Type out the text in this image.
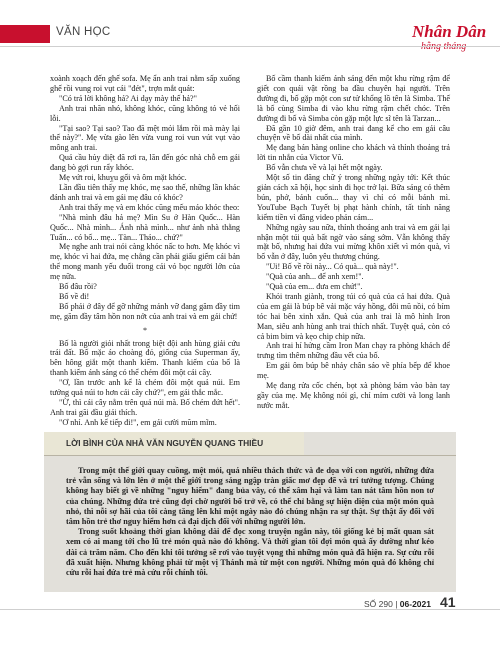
VĂN HỌC	Nhân Dân

xoành xoạch đến ghế sofa. Mẹ ẩn anh trai nằm sấp xuống ghế rồi vung roi vụt cái "đét", trợn mắt quát:

"Có trả lời không hả? Ai dạy mày thế hả?"

Anh trai nhăn nhó, không khóc, cũng không tỏ vẻ hối lỗi.

"Tại sao? Tại sao? Tao đã mệt mỏi lắm rồi mà mày lại thế này?". Mẹ vừa gào lên vừa vung roi vun vút vụt vào mông anh trai.

Quả cầu hủy diệt đã rơi ra, lăn đến góc nhà chỗ em gái đang bò gợi run rẩy khóc.

Mẹ vứt roi, khuỵu gối và ôm mặt khóc.

Lần đầu tiên thấy mẹ khóc, mẹ sao thế, những lần khác đánh anh trai và em gái mẹ đâu có khóc?

Anh trai thấy mẹ và em khóc cũng mếu máo khóc theo:

"Nhà mình đâu hả mẹ? Mìn Su ở Hàn Quốc... Hàn Quốc... Nhà mình... Ánh nhà mình... như ảnh nhà thằng Tuấn... có bố... mẹ... Tàn... Thảo... chứ?"

Mẹ nghe anh trai nói càng khóc nấc to hơn. Mẹ khóc vì mẹ, khóc vì hai đứa, mẹ chẳng cần phải giấu giếm cái bản thể mong manh yếu đuối trong cái vỏ bọc người lớn của mẹ nữa.

Bố đâu rồi?

Bố về đi!

Bố phải ở đây để gỡ những mảnh vỡ đang găm đầy tim mẹ, găm đầy tâm hồn non nớt của anh trai và em gái chứ!

*

Bố là người giỏi nhất trong biệt đội anh hùng giải cứu trái đất. Bố mặc áo choàng đỏ, giống của Superman ấy, bên hông giắt một thanh kiếm. Thanh kiếm của bố là thanh kiếm ánh sáng có thể chém đôi một cái cây.

"Ơ, lần trước anh kể là chém đôi một quả núi. Em tưởng quả núi to hơn cái cây chứ?", em gái thắc mắc.

"Ừ, thì cái cây nằm trên quả núi mà. Bố chém đứt hết". Anh trai gãi đầu giải thích.

"Ơ nhỉ. Anh kể tiếp đi!", em gái cười mũm mĩm.

Bố cầm thanh kiếm ánh sáng đến một khu rừng rậm để giết con quái vật rồng ba đầu chuyên hại người. Trên đường đi, bố gặp một con sư tử khổng lồ tên là Simba. Thế là bố cùng Simba đi vào khu rừng rậm chết chóc. Trên đường đi bố và Simba còn gặp một lực sĩ tên là Tarzan...

Đã gần 10 giờ đêm, anh trai đang kể cho em gái câu chuyện về bố dài nhất của mình.

Mẹ đang bán hàng online cho khách và thỉnh thoảng trả lời tin nhắn của Victor Vũ.

Bố vẫn chưa về và lại hết một ngày.

Một số tin đăng chữ ý trong những ngày tới: Kết thúc giản cách xã hội, học sinh đi học trở lại. Bữa sáng có thêm bún, phở, bánh cuốn... thay vì chỉ có mỗi bánh mì. YouTube Bạch Tuyết bị phạt hành chính, tất tính năng kiểm tiền vì đăng video phản cảm...

Những ngày sau nữa, thỉnh thoảng anh trai và em gái lại nhận một túi quà bất ngờ vào sáng sớm. Vẫn không thấy mặt bố, nhưng hai đứa vui mừng khôn xiết vì món quà, vì bố vẫn ở đây, luôn yêu thương chúng.

"Ui! Bố về rồi này... Có quà... quà này!".

"Quà của anh... để anh xem!".

"Quà của em... đưa em chứ!".

Khỏi tranh giành, trong túi có quà của cả hai đứa. Quà của em gái là búp bê vải mặc váy hồng, đôi mũ nồi, có bím tóc hai bên xinh xắn. Quà của anh trai là mô hình Iron Man, siêu anh hùng anh trai thích nhất. Tuyệt quá, còn có cả bim bim và kẹo chip chip nữa.

Anh trai hí hửng cầm Iron Man chạy ra phòng khách để trưng tìm thêm những đầu vết của bố.

Em gái ôm búp bê nhảy chân sáo về phía bếp để khoe mẹ.

Mẹ đang rửa cốc chén, bọt xà phòng bám vào bàn tay gầy của mẹ. Mẹ không nói gì, chỉ mỉm cười và long lanh nước mắt.

LỜI BÌNH CỦA NHÀ VĂN NGUYỄN QUANG THIỀU

Trong một thế giới quay cuồng, mệt mỏi, quá nhiều thách thức và đe dọa với con người, những đứa trẻ vẫn sống và lớn lên ở một thế giới trong sáng ngập tràn giấc mơ đẹp đẽ và trí tưởng tượng. Chúng không hay biết gì về những "nguy hiểm" đang bủa vây, có thể xâm hại và làm tan nát tâm hồn non tơ của chúng. Những đứa trẻ cũng đợi chờ người bố trở về, có thể chỉ bằng sự hiện diện của một món quà nhỏ, thì nỗi sợ hãi của tôi càng tăng lên khi một ngày nào đó chúng nhận ra sự thật. Sự thật ấy đối với tâm hồn trẻ thơ nguy hiểm hơn cả đại dịch đối với những người lớn.

Trong suốt khoảng thời gian không dài để đọc xong truyện ngắn này, tôi giống kẻ bị mất quan sát xem có ai mang tới cho lũ trẻ món quà nào đó không. Và thời gian tôi đợi món quà ấy dường như kéo dài cả trăm năm. Cho đến khi tôi tưởng sẽ rơi vào tuyệt vọng thì những món quà đã hiện ra. Sự cứu rỗi đã xuất hiện. Nhưng không phải từ một vị Thánh mà từ một con người. Những món quà đó không chỉ cứu rỗi hai đứa trẻ mà cứu rỗi chính tôi.

SỐ 290 | 06-2021 41
